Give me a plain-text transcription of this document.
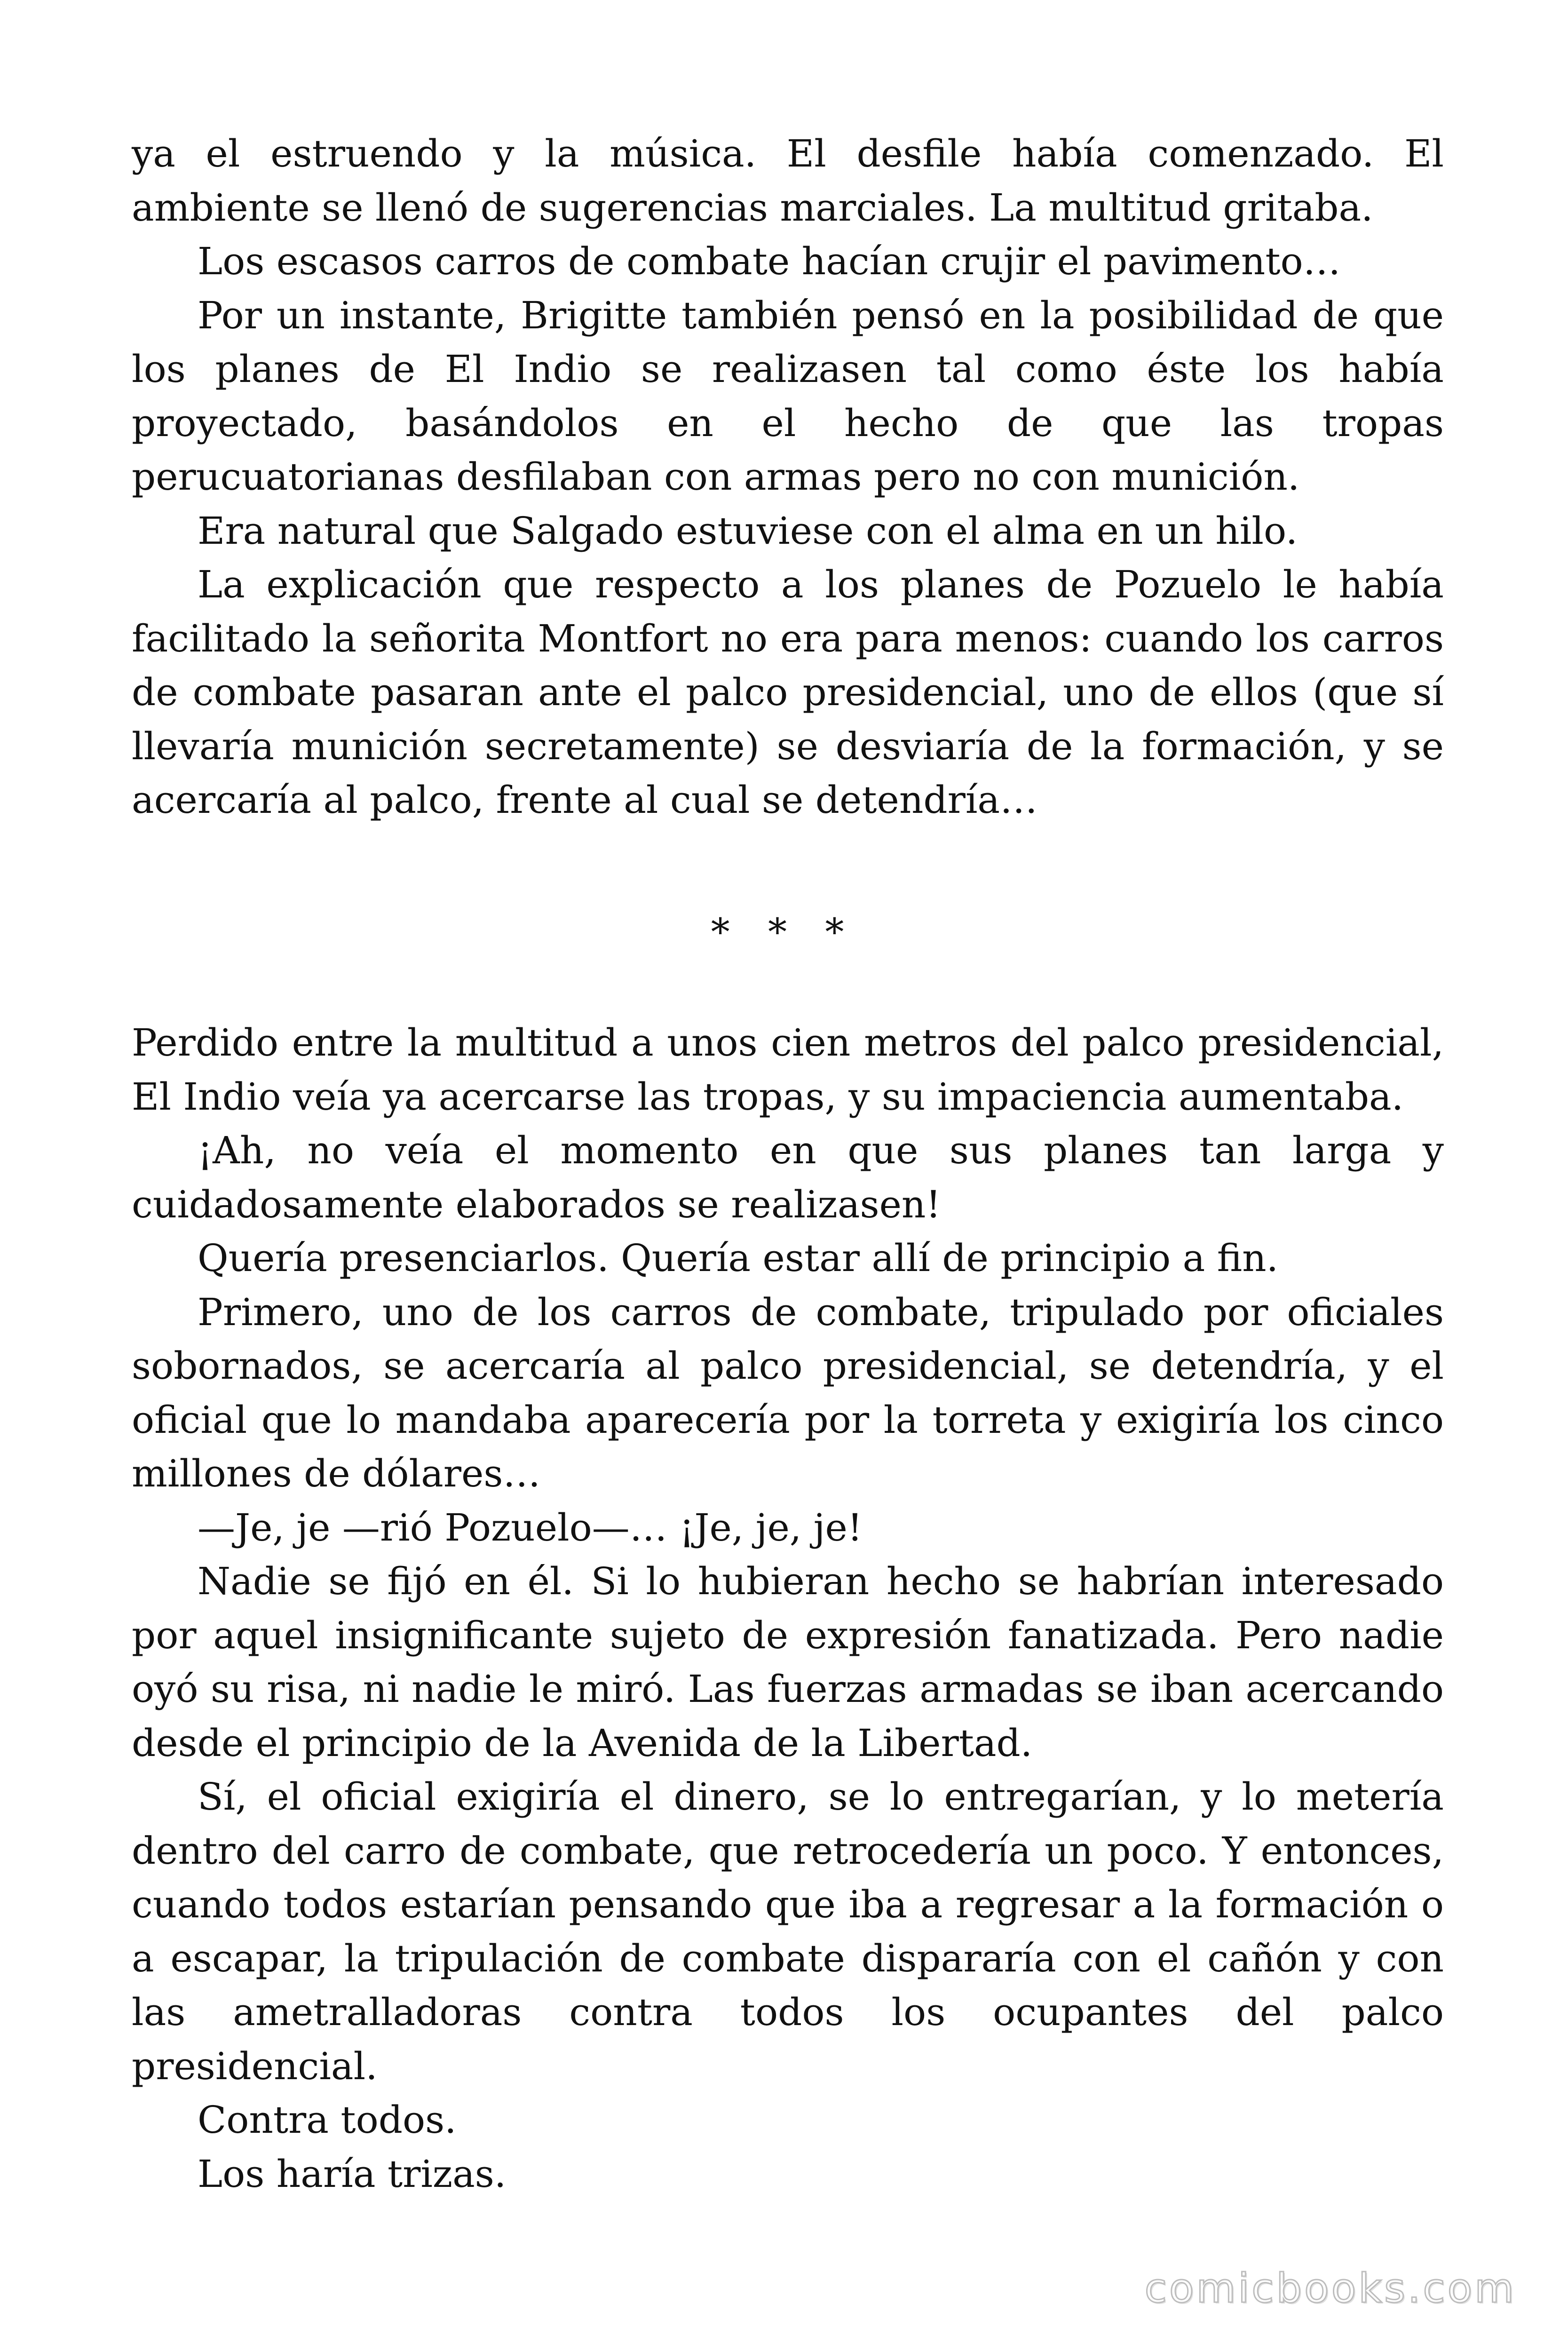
ya el estruendo y la música. El desfile había comenzado. El ambiente se llenó de sugerencias marciales. La multitud gritaba.

Los escasos carros de combate hacían crujir el pavimento…

Por un instante, Brigitte también pensó en la posibilidad de que los planes de El Indio se realizasen tal como éste los había proyectado, basándolos en el hecho de que las tropas perucuatorianas desfilaban con armas pero no con munición.

Era natural que Salgado estuviese con el alma en un hilo.

La explicación que respecto a los planes de Pozuelo le había facilitado la señorita Montfort no era para menos: cuando los carros de combate pasaran ante el palco presidencial, uno de ellos (que sí llevaría munición secretamente) se desviaría de la formación, y se acercaría al palco, frente al cual se detendría…

* * *

Perdido entre la multitud a unos cien metros del palco presidencial, El Indio veía ya acercarse las tropas, y su impaciencia aumentaba.

¡Ah, no veía el momento en que sus planes tan larga y cuidadosamente elaborados se realizasen!

Quería presenciarlos. Quería estar allí de principio a fin.

Primero, uno de los carros de combate, tripulado por oficiales sobornados, se acercaría al palco presidencial, se detendría, y el oficial que lo mandaba aparecería por la torreta y exigiría los cinco millones de dólares…

—Je, je —rió Pozuelo—… ¡Je, je, je!

Nadie se fijó en él. Si lo hubieran hecho se habrían interesado por aquel insignificante sujeto de expresión fanatizada. Pero nadie oyó su risa, ni nadie le miró. Las fuerzas armadas se iban acercando desde el principio de la Avenida de la Libertad.

Sí, el oficial exigiría el dinero, se lo entregarían, y lo metería dentro del carro de combate, que retrocedería un poco. Y entonces, cuando todos estarían pensando que iba a regresar a la formación o a escapar, la tripulación de combate dispararía con el cañón y con las ametralladoras contra todos los ocupantes del palco presidencial.

Contra todos.

Los haría trizas.

comicbooks.com
